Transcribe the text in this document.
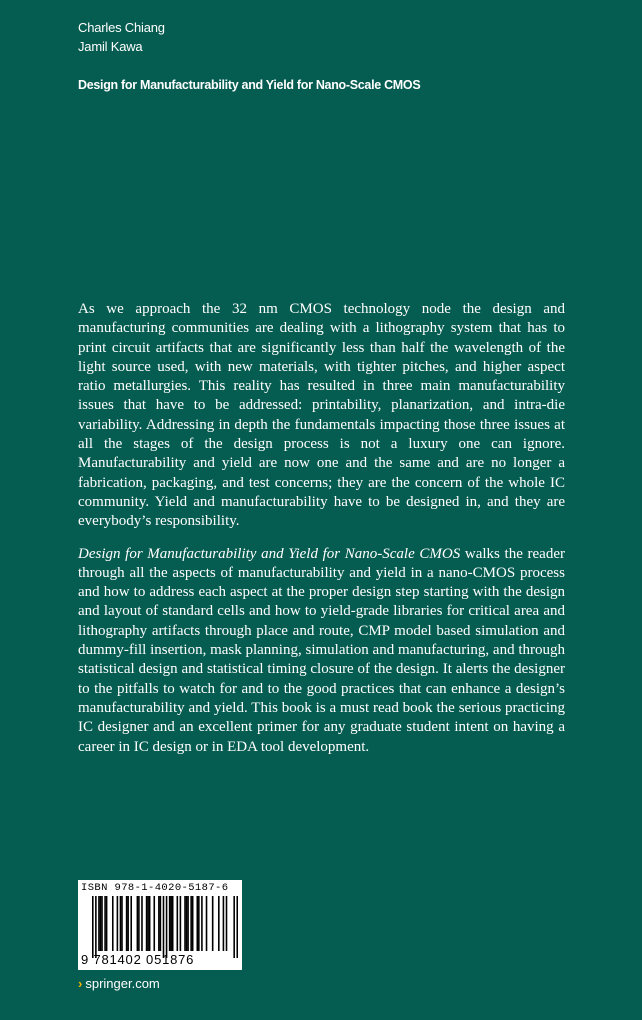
Charles Chiang
Jamil Kawa
Design for Manufacturability and Yield for Nano-Scale CMOS

As we approach the 32 nm CMOS technology node the design and manufacturing communities are dealing with a lithography system that has to print circuit artifacts that are significantly less than half the wavelength of the light source used, with new materials, with tighter pitches, and higher aspect ratio metallurgies. This reality has resulted in three main manufacturability issues that have to be addressed: printability, planarization, and intra-die variability. Addressing in depth the fundamentals impacting those three issues at all the stages of the design process is not a luxury one can ignore. Manufacturability and yield are now one and the same and are no longer a fabrication, packaging, and test concerns; they are the concern of the whole IC community. Yield and manufacturability have to be designed in, and they are everybody’s responsibility.

Design for Manufacturability and Yield for Nano-Scale CMOS walks the reader through all the aspects of manufacturability and yield in a nano-CMOS process and how to address each aspect at the proper design step starting with the design and layout of standard cells and how to yield-grade libraries for critical area and lithography artifacts through place and route, CMP model based simulation and dummy-fill insertion, mask planning, simulation and manufacturing, and through statistical design and statistical timing closure of the design. It alerts the designer to the pitfalls to watch for and to the good practices that can enhance a design’s manufacturability and yield. This book is a must read book the serious practicing IC designer and an excellent primer for any graduate student intent on having a career in IC design or in EDA tool development.

ISBN 978-1-4020-5187-6
9 781402 051876
› springer.com
